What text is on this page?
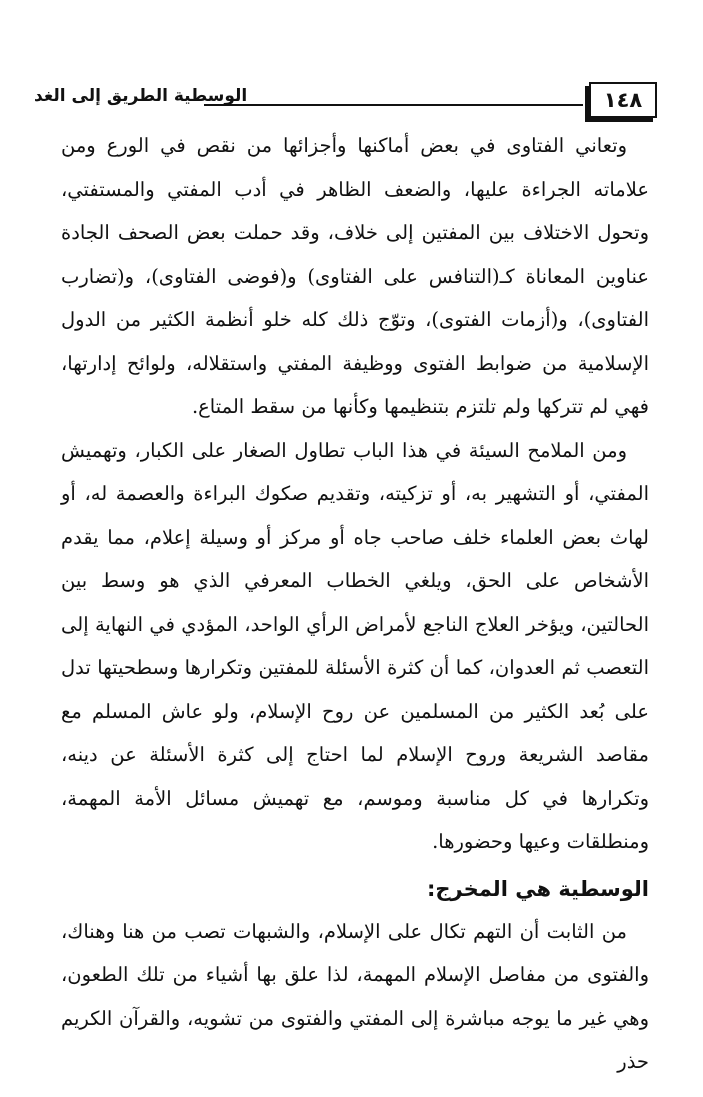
١٤٨
الوسطية الطريق إلى الغد

وتعاني الفتاوى في بعض أماكنها وأجزائها من نقص في الورع ومن علاماته الجراءة عليها، والضعف الظاهر في أدب المفتي والمستفتي، وتحول الاختلاف بين المفتين إلى خلاف، وقد حملت بعض الصحف الجادة عناوين المعاناة كـ(التنافس على الفتاوى) و(فوضى الفتاوى)، و(تضارب الفتاوى)، و(أزمات الفتوى)، وتوّج ذلك كله خلو أنظمة الكثير من الدول الإسلامية من ضوابط الفتوى ووظيفة المفتي واستقلاله، ولوائح إدارتها، فهي لم تتركها ولم تلتزم بتنظيمها وكأنها من سقط المتاع.

ومن الملامح السيئة في هذا الباب تطاول الصغار على الكبار، وتهميش المفتي، أو التشهير به، أو تزكيته، وتقديم صكوك البراءة والعصمة له، أو لهاث بعض العلماء خلف صاحب جاه أو مركز أو وسيلة إعلام، مما يقدم الأشخاص على الحق، ويلغي الخطاب المعرفي الذي هو وسط بين الحالتين، ويؤخر العلاج الناجع لأمراض الرأي الواحد، المؤدي في النهاية إلى التعصب ثم العدوان، كما أن كثرة الأسئلة للمفتين وتكرارها وسطحيتها تدل على بُعد الكثير من المسلمين عن روح الإسلام، ولو عاش المسلم مع مقاصد الشريعة وروح الإسلام لما احتاج إلى كثرة الأسئلة عن دينه، وتكرارها في كل مناسبة وموسم، مع تهميش مسائل الأمة المهمة، ومنطلقات وعيها وحضورها.

الوسطية هي المخرج:

من الثابت أن التهم تكال على الإسلام، والشبهات تصب من هنا وهناك، والفتوى من مفاصل الإسلام المهمة، لذا علق بها أشياء من تلك الطعون، وهي غير ما يوجه مباشرة إلى المفتي والفتوى من تشويه، والقرآن الكريم حذر
